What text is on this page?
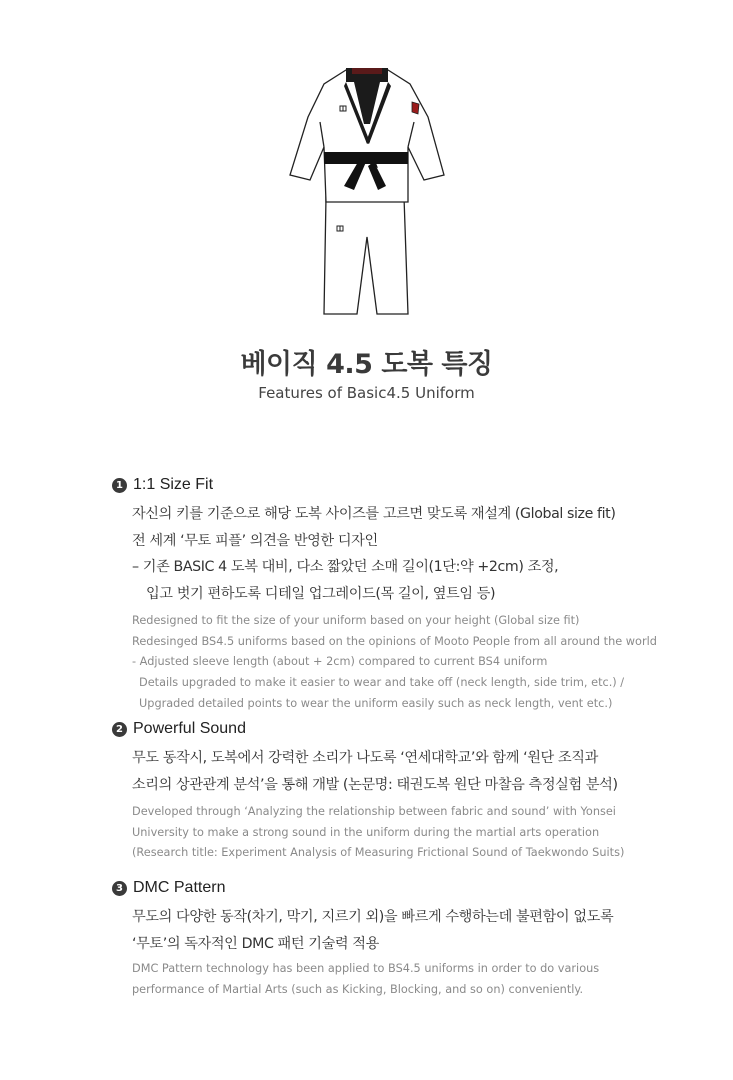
베이직 4.5 도복 특징
Features of Basic4.5 Uniform
1 1:1 Size Fit
자신의 키를 기준으로 해당 도복 사이즈를 고르면 맞도록 재설계 (Global size fit)
전 세계 ‘무토 피플’ 의견을 반영한 디자인
– 기존 BASIC 4 도복 대비, 다소 짧았던 소매 길이(1단:약 +2cm) 조정,
입고 벗기 편하도록 디테일 업그레이드(목 길이, 옆트임 등)
Redesigned to fit the size of your uniform based on your height (Global size fit)
Redesinged BS4.5 uniforms based on the opinions of Mooto People from all around the world
- Adjusted sleeve length (about + 2cm) compared to current BS4 uniform
Details upgraded to make it easier to wear and take off (neck length, side trim, etc.) /
Upgraded detailed points to wear the uniform easily such as neck length, vent etc.)
2 Powerful Sound
무도 동작시, 도복에서 강력한 소리가 나도록 ‘연세대학교’와 함께 ‘원단 조직과
소리의 상관관계 분석’을 통해 개발 (논문명: 태권도복 원단 마찰음 측정실험 분석)
Developed through ‘Analyzing the relationship between fabric and sound’ with Yonsei
University to make a strong sound in the uniform during the martial arts operation
(Research title: Experiment Analysis of Measuring Frictional Sound of Taekwondo Suits)
3 DMC Pattern
무도의 다양한 동작(차기, 막기, 지르기 외)을 빠르게 수행하는데 불편함이 없도록
‘무토’의 독자적인 DMC 패턴 기술력 적용
DMC Pattern technology has been applied to BS4.5 uniforms in order to do various
performance of Martial Arts (such as Kicking, Blocking, and so on) conveniently.
